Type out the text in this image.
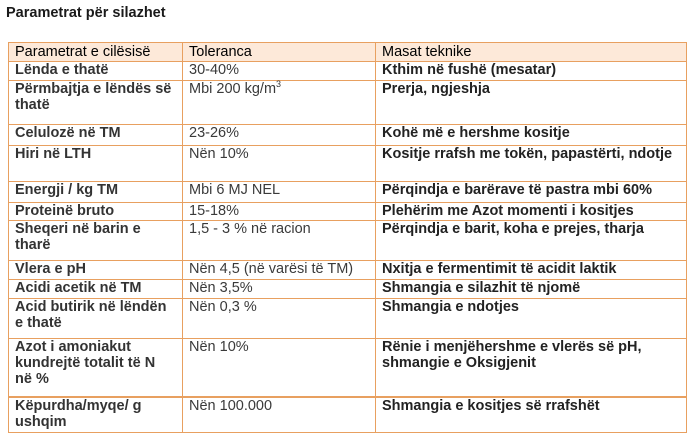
Parametrat për silazhet
Parametrat e cilësisë	Toleranca	Masat teknike
Lënda e thatë	30-40%	Kthim në fushë (mesatar)
Përmbajtja e lëndës së thatë	Mbi 200 $kg/m^3$	Prerja, ngjeshja
Celulozë në TM	23-26%	Kohë më e hershme kositje
Hiri në LTH	Nën 10%	Kositje rrafsh me tokën, papastërti, ndotje
Energji / kg TM	Mbi 6 MJ NEL	Përqindja e barërave të pastra mbi 60%
Proteinë bruto	15-18%	Plehërim me Azot momenti i kositjes
Sheqeri në barin e tharë	1,5 - 3 % në racion	Përqindja e barit, koha e prejes, tharja
Vlera e pH	Nën 4,5 (në varësi të TM)	Nxitja e fermentimit të acidit laktik
Acidi acetik në TM	Nën 3,5%	Shmangia e silazhit të njomë
Acid butirik në lëndën e thatë	Nën 0,3 %	Shmangia e ndotjes
Azot i amoniakut kundrejtë totalit të N në %	Nën 10%	Rënie i menjëhershme e vlerës së pH, shmangie e Oksigjenit
Këpurdha/myqe/ g ushqim	Nën 100.000	Shmangia e kositjes së rrafshët
